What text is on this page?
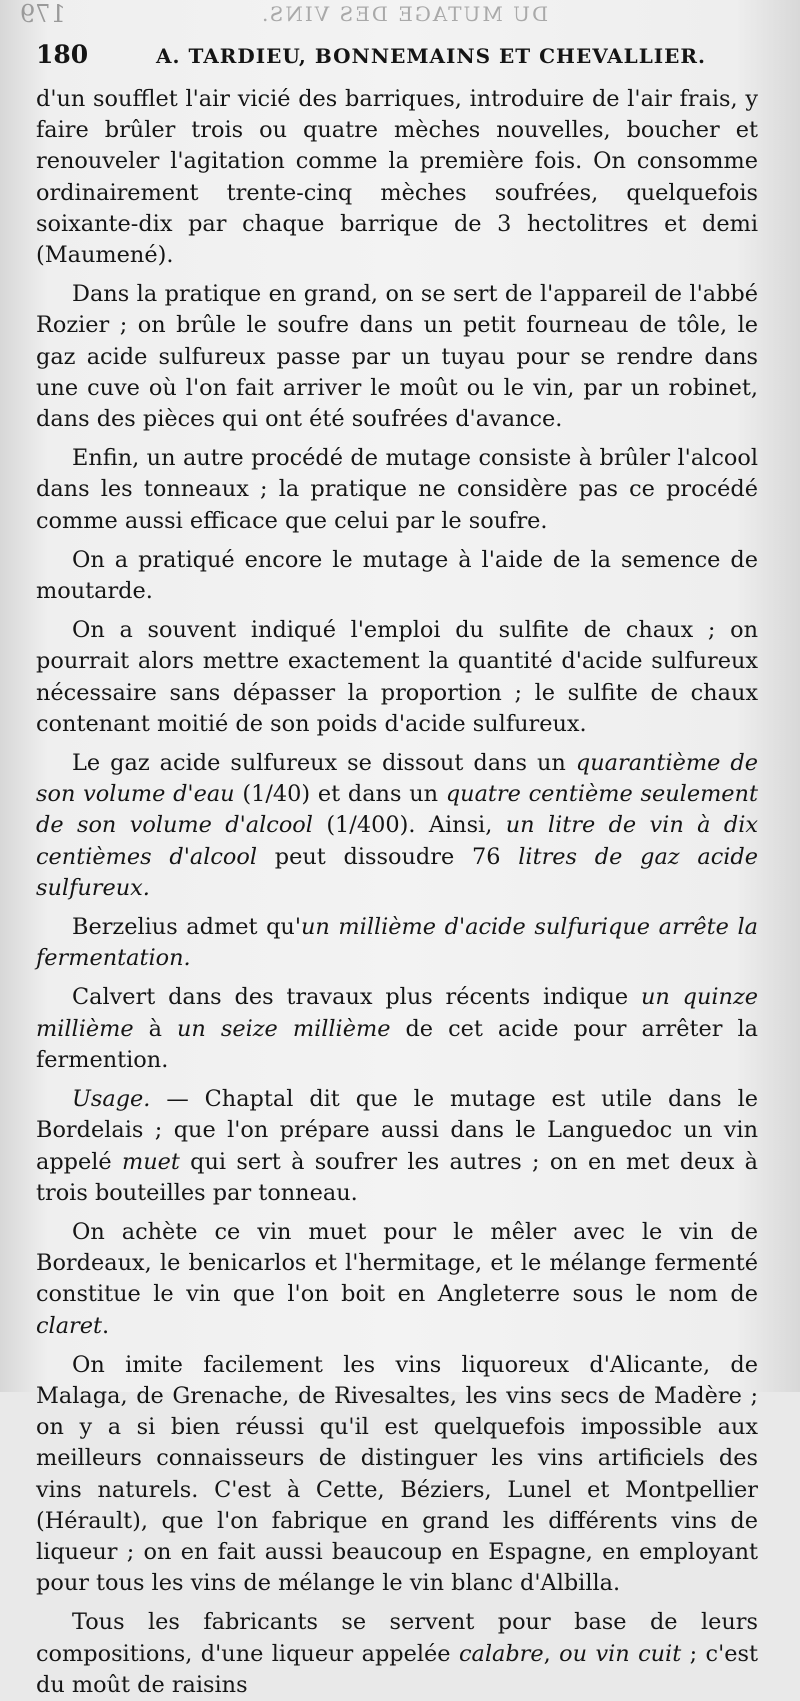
179	DU MUTAGE DES VINS.
180	A. TARDIEU, BONNEMAINS ET CHEVALLIER.

d'un soufflet l'air vicié des barriques, introduire de l'air frais, y faire brûler trois ou quatre mèches nouvelles, boucher et renouveler l'agitation comme la première fois. On consomme ordinairement trente-cinq mèches soufrées, quelquefois soixante-dix par chaque barrique de 3 hectolitres et demi (Maumené).

Dans la pratique en grand, on se sert de l'appareil de l'abbé Rozier ; on brûle le soufre dans un petit fourneau de tôle, le gaz acide sulfureux passe par un tuyau pour se rendre dans une cuve où l'on fait arriver le moût ou le vin, par un robinet, dans des pièces qui ont été soufrées d'avance.

Enfin, un autre procédé de mutage consiste à brûler l'alcool dans les tonneaux ; la pratique ne considère pas ce procédé comme aussi efficace que celui par le soufre.

On a pratiqué encore le mutage à l'aide de la semence de moutarde.

On a souvent indiqué l'emploi du sulfite de chaux ; on pourrait alors mettre exactement la quantité d'acide sulfureux nécessaire sans dépasser la proportion ; le sulfite de chaux contenant moitié de son poids d'acide sulfureux.

Le gaz acide sulfureux se dissout dans un quarantième de son volume d'eau (1/40) et dans un quatre centième seulement de son volume d'alcool (1/400). Ainsi, un litre de vin à dix centièmes d'alcool peut dissoudre 76 litres de gaz acide sulfureux.

Berzelius admet qu'un millième d'acide sulfurique arrête la fermentation.

Calvert dans des travaux plus récents indique un quinze millième à un seize millième de cet acide pour arrêter la fermention.

Usage. — Chaptal dit que le mutage est utile dans le Bordelais ; que l'on prépare aussi dans le Languedoc un vin appelé muet qui sert à soufrer les autres ; on en met deux à trois bouteilles par tonneau.

On achète ce vin muet pour le mêler avec le vin de Bordeaux, le benicarlos et l'hermitage, et le mélange fermenté constitue le vin que l'on boit en Angleterre sous le nom de claret.

On imite facilement les vins liquoreux d'Alicante, de Malaga, de Grenache, de Rivesaltes, les vins secs de Madère ; on y a si bien réussi qu'il est quelquefois impossible aux meilleurs connaisseurs de distinguer les vins artificiels des vins naturels. C'est à Cette, Béziers, Lunel et Montpellier (Hérault), que l'on fabrique en grand les différents vins de liqueur ; on en fait aussi beaucoup en Espagne, en employant pour tous les vins de mélange le vin blanc d'Albilla.

Tous les fabricants se servent pour base de leurs compositions, d'une liqueur appelée calabre, ou vin cuit ; c'est du moût de raisins
